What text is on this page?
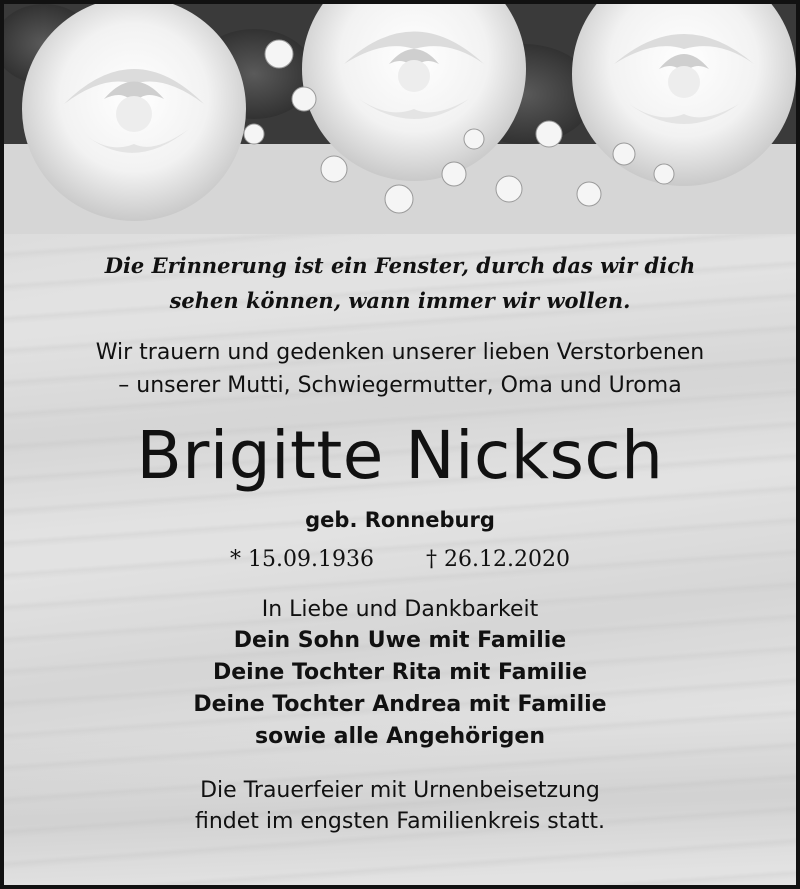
Die Erinnerung ist ein Fenster, durch das wir dich
sehen können, wann immer wir wollen.

Wir trauern und gedenken unserer lieben Verstorbenen
– unserer Mutti, Schwiegermutter, Oma und Uroma
Brigitte Nicksch
geb. Ronneburg
* 15.09.1936 † 26.12.2020
In Liebe und Dankbarkeit
Dein Sohn Uwe mit Familie
Deine Tochter Rita mit Familie
Deine Tochter Andrea mit Familie
sowie alle Angehörigen
Die Trauerfeier mit Urnenbeisetzung
findet im engsten Familienkreis statt.
